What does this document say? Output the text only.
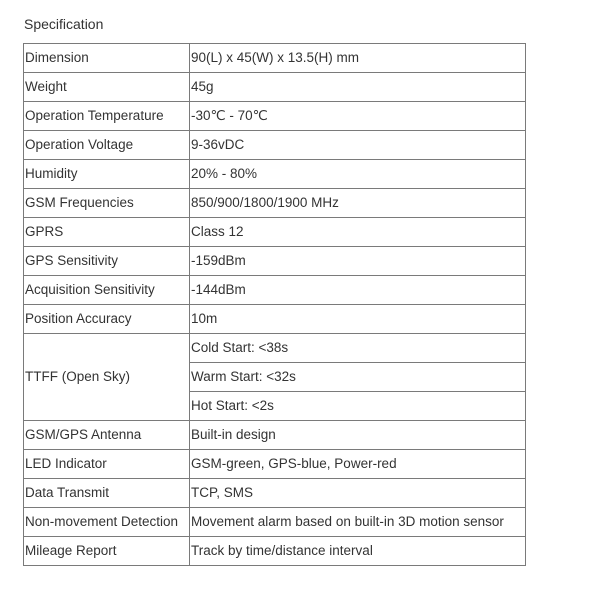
Specification
Dimension	90(L) x 45(W) x 13.5(H) mm
Weight	45g
Operation Temperature	-30℃ - 70℃
Operation Voltage	9-36vDC
Humidity	20% - 80%
GSM Frequencies	850/900/1800/1900 MHz
GPRS	Class 12
GPS Sensitivity	-159dBm
Acquisition Sensitivity	-144dBm
Position Accuracy	10m
TTFF (Open Sky)	Cold Start: <38s
	Warm Start: <32s
	Hot Start: <2s
GSM/GPS Antenna	Built-in design
LED Indicator	GSM-green, GPS-blue, Power-red
Data Transmit	TCP, SMS
Non-movement Detection	Movement alarm based on built-in 3D motion sensor
Mileage Report	Track by time/distance interval
